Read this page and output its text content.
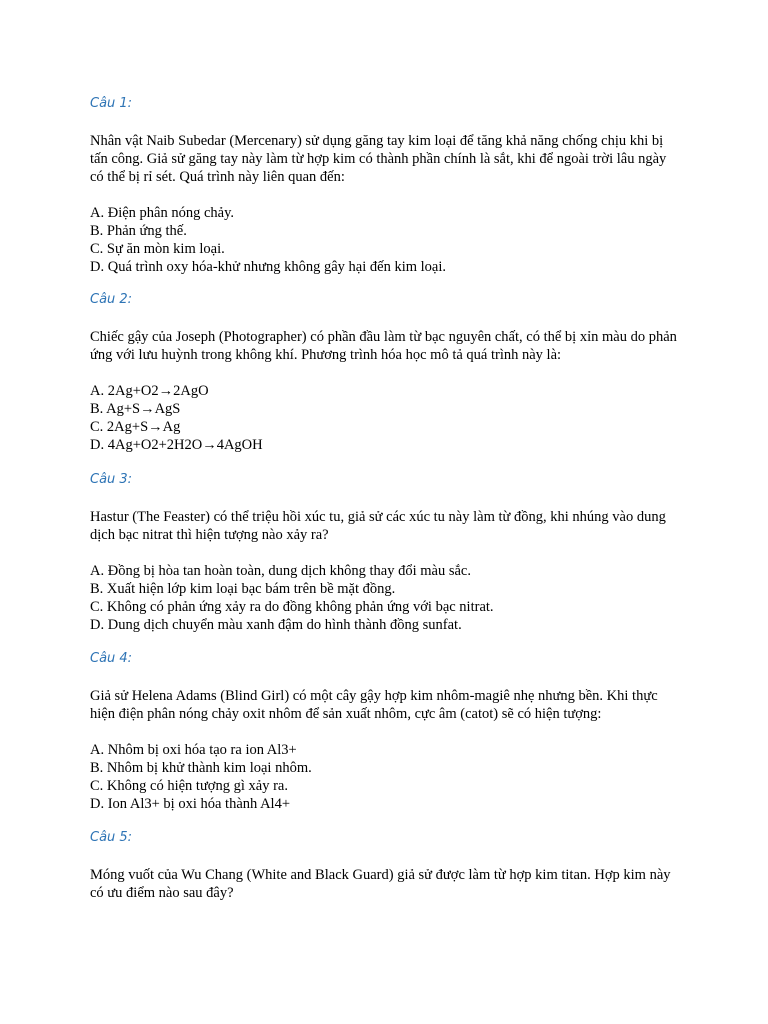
Câu 1:

Nhân vật Naib Subedar (Mercenary) sử dụng găng tay kim loại để tăng khả năng chống chịu khi bị tấn công. Giả sử găng tay này làm từ hợp kim có thành phần chính là sắt, khi để ngoài trời lâu ngày có thể bị rỉ sét. Quá trình này liên quan đến:

A. Điện phân nóng chảy.
B. Phản ứng thế.
C. Sự ăn mòn kim loại.
D. Quá trình oxy hóa-khử nhưng không gây hại đến kim loại.

Câu 2:

Chiếc gậy của Joseph (Photographer) có phần đầu làm từ bạc nguyên chất, có thể bị xỉn màu do phản ứng với lưu huỳnh trong không khí. Phương trình hóa học mô tả quá trình này là:

A. 2Ag+O2→2AgO
B. Ag+S→AgS
C. 2Ag+S→Ag
D. 4Ag+O2+2H2O→4AgOH

Câu 3:

Hastur (The Feaster) có thể triệu hồi xúc tu, giả sử các xúc tu này làm từ đồng, khi nhúng vào dung dịch bạc nitrat thì hiện tượng nào xảy ra?

A. Đồng bị hòa tan hoàn toàn, dung dịch không thay đổi màu sắc.
B. Xuất hiện lớp kim loại bạc bám trên bề mặt đồng.
C. Không có phản ứng xảy ra do đồng không phản ứng với bạc nitrat.
D. Dung dịch chuyển màu xanh đậm do hình thành đồng sunfat.

Câu 4:

Giả sử Helena Adams (Blind Girl) có một cây gậy hợp kim nhôm-magiê nhẹ nhưng bền. Khi thực hiện điện phân nóng chảy oxit nhôm để sản xuất nhôm, cực âm (catot) sẽ có hiện tượng:

A. Nhôm bị oxi hóa tạo ra ion Al3+
B. Nhôm bị khử thành kim loại nhôm.
C. Không có hiện tượng gì xảy ra.
D. Ion Al3+ bị oxi hóa thành Al4+

Câu 5:

Móng vuốt của Wu Chang (White and Black Guard) giả sử được làm từ hợp kim titan. Hợp kim này có ưu điểm nào sau đây?
